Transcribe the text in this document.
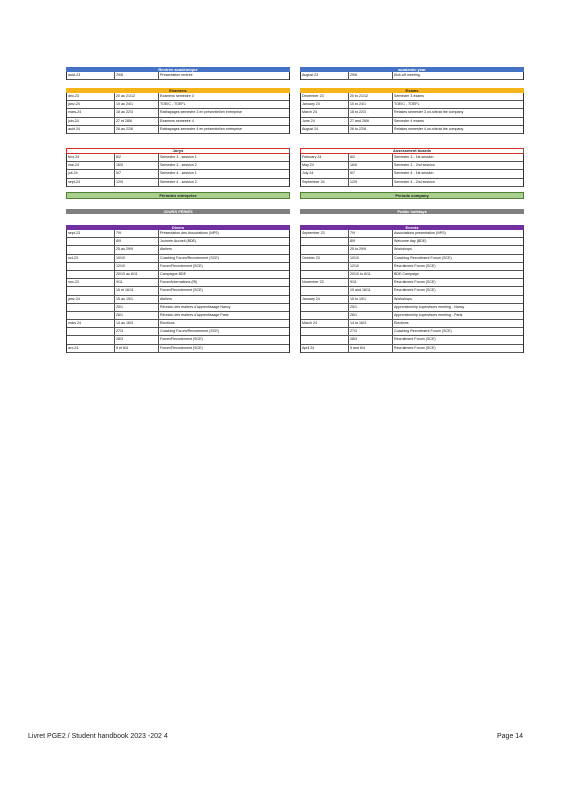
Rentrée académique
août-23	29/8	Présentation rentrée
Examens
déc-23	20 au 21/12	Examens semestre 3
janv-24	10 au 24/1	TOEIC - TOEFL
mars-24	18 au 22/3	Rattrapages semestre 3 en présentiel/en entreprise
juin-24	27 et 28/6	Examens semestre 4
août 24	26 au 22/8	Rattrapages semestre 4 en présentiel/en entreprise
Jurys
févr-24	8/2	Semestre 3 - session 1
mai-24	16/5	Semestre 3 - session 2
juil-24	5/7	Semestre 4 - session 1
sept-24	12/9	Semestre 4 - session 2
Périodes entreprise
JOURS FÉRIÉS
Divers
sept-23	7/9	Présentation des Associations (NPS)
8/9	Journée Accueil (BDE)
25 au 29/9	Ateliers
oct-23	10/10	Coaching Forum/Recrutement (SCE)
12/10	Forum/Recrutement (SCE)
20/10 au 6/11	Campagne BDE
nov-23	9/11	Forum/Internationa (RI)
15 et 16/11	Forum/Recrutement (SCE)
janv-24	15 au 19/1	Ateliers
25/1	Réunion des maîtres d'apprentissage Nancy
26/1	Réunion des maîtres d'apprentissage Paris
mars 24	14 au 16/3	Elections
27/3	Coaching Forum/Recrutement (SCE)
28/3	Forum/Recrutement (SCE)
avr-24	5 et 6/4	Forum/Recrutement (SCE)
academic year
August 23	29/8	Kick-off meeting
Exams
December 23	20 to 21/12	Semester 3 exams
January 24	10 to 24/1	TOEIC - TOEFL
March 24	18 to 22/3	Retakes semester 3 on-site/at the company
June 24	27 and 28/6	Semester 4 exams
August 24	26 to 22/8	Retakes semester 4 on-site/at the company
Assessment boards
February 24	8/2	Semester 3 - 1st session
May 24	16/5	Semester 3 - 2nd session
July 24	5/7	Semester 4 - 1st session
September 24	12/9	Semester 4 - 2nd session
Periods company
Public holidays
Events
September 23	7/9	Associations presentation (NPS)
8/9	Welcome day (BDE)
25 to 29/9	Workshops
October 23	10/10	Coaching Recruitment Forum (SCE)
12/10	Recruitment Forum (SCE)
20/10 to 6/11	BDE Campaign
November 23	9/11	Recruitment Forum (SCE)
15 and 16/11	Recruitment Forum (SCE)
January 24	15 to 19/1	Workshops
25/1	Apprenticeship supervisors meeting - Nancy
26/1	Apprenticeship supervisors meeting - Paris
March 24	14 to 16/3	Elections
27/3	Coaching Recruitment Forum (SCE)
28/3	Recruitment Forum (SCE)
April 24	5 and 6/4	Recruitment Forum (SCE)
Livret PGE2 / Student handbook 2023 -202 4	Page 14
